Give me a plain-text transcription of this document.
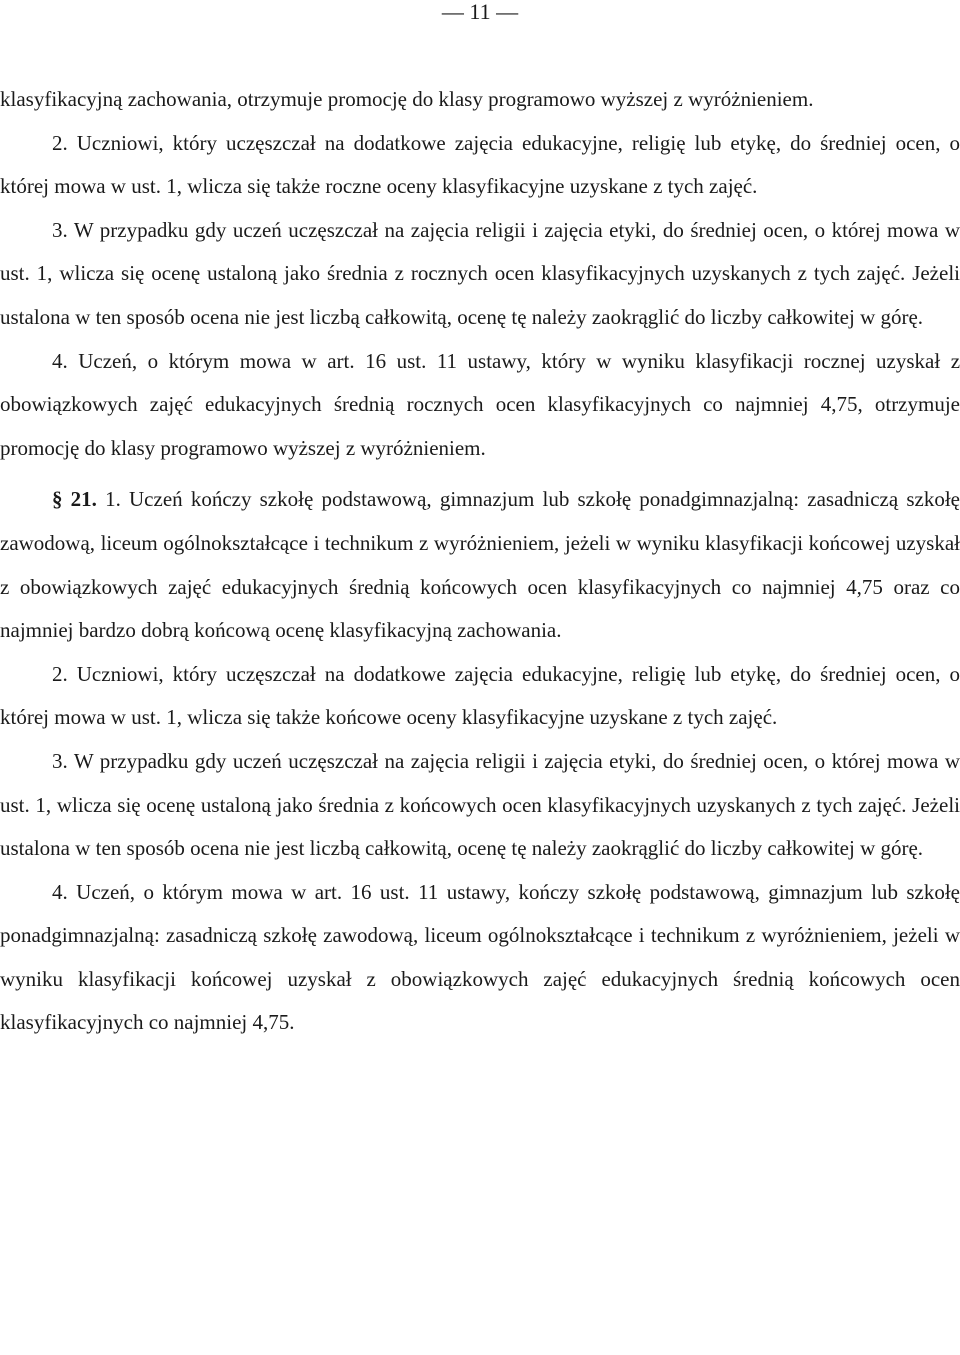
— 11 —

klasyfikacyjną zachowania, otrzymuje promocję do klasy programowo wyższej z wyróżnieniem.

2. Uczniowi, który uczęszczał na dodatkowe zajęcia edukacyjne, religię lub etykę, do średniej ocen, o której mowa w ust. 1, wlicza się także roczne oceny klasyfikacyjne uzyskane z tych zajęć.

3. W przypadku gdy uczeń uczęszczał na zajęcia religii i zajęcia etyki, do średniej ocen, o której mowa w ust. 1, wlicza się ocenę ustaloną jako średnia z rocznych ocen klasyfikacyjnych uzyskanych z tych zajęć. Jeżeli ustalona w ten sposób ocena nie jest liczbą całkowitą, ocenę tę należy zaokrąglić do liczby całkowitej w górę.

4. Uczeń, o którym mowa w art. 16 ust. 11 ustawy, który w wyniku klasyfikacji rocznej uzyskał z obowiązkowych zajęć edukacyjnych średnią rocznych ocen klasyfikacyjnych co najmniej 4,75, otrzymuje promocję do klasy programowo wyższej z wyróżnieniem.

§ 21. 1. Uczeń kończy szkołę podstawową, gimnazjum lub szkołę ponadgimnazjalną: zasadniczą szkołę zawodową, liceum ogólnokształcące i technikum z wyróżnieniem, jeżeli w wyniku klasyfikacji końcowej uzyskał z obowiązkowych zajęć edukacyjnych średnią końcowych ocen klasyfikacyjnych co najmniej 4,75 oraz co najmniej bardzo dobrą końcową ocenę klasyfikacyjną zachowania.

2. Uczniowi, który uczęszczał na dodatkowe zajęcia edukacyjne, religię lub etykę, do średniej ocen, o której mowa w ust. 1, wlicza się także końcowe oceny klasyfikacyjne uzyskane z tych zajęć.

3. W przypadku gdy uczeń uczęszczał na zajęcia religii i zajęcia etyki, do średniej ocen, o której mowa w ust. 1, wlicza się ocenę ustaloną jako średnia z końcowych ocen klasyfikacyjnych uzyskanych z tych zajęć. Jeżeli ustalona w ten sposób ocena nie jest liczbą całkowitą, ocenę tę należy zaokrąglić do liczby całkowitej w górę.

4. Uczeń, o którym mowa w art. 16 ust. 11 ustawy, kończy szkołę podstawową, gimnazjum lub szkołę ponadgimnazjalną: zasadniczą szkołę zawodową, liceum ogólnokształcące i technikum z wyróżnieniem, jeżeli w wyniku klasyfikacji końcowej uzyskał z obowiązkowych zajęć edukacyjnych średnią końcowych ocen klasyfikacyjnych co najmniej 4,75.
